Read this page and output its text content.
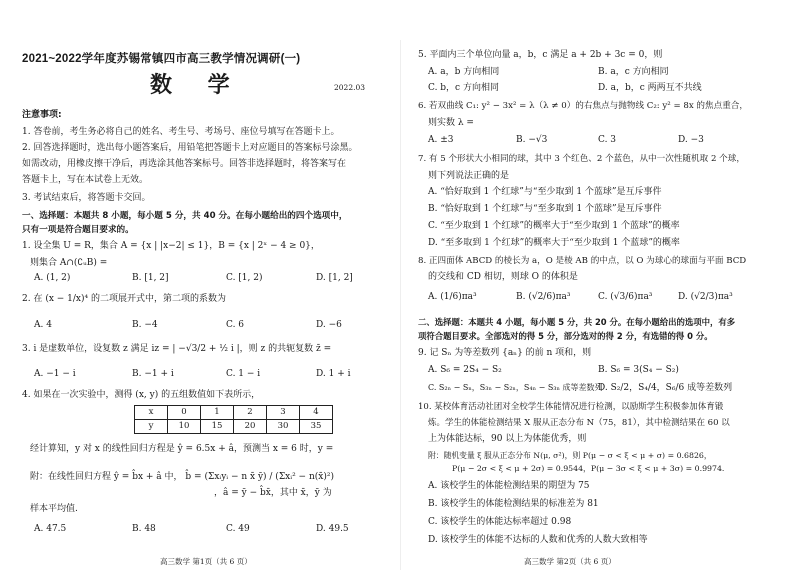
2021~2022学年度苏锡常镇四市高三教学情况调研(一)
数 学	2022.03
注意事项:
1. 答卷前，考生务必将自己的姓名、考生号、考场号、座位号填写在答题卡上。
2. 回答选择题时，选出每小题答案后，用铅笔把答题卡上对应题目的答案标号涂黑。
如需改动，用橡皮擦干净后，再选涂其他答案标号。回答非选择题时，将答案写在
答题卡上，写在本试卷上无效。
3. 考试结束后，将答题卡交回。
一、选择题：本题共 8 小题，每小题 5 分，共 40 分。在每小题给出的四个选项中，
只有一项是符合题目要求的。
1. 设全集 U = R，集合 A = {x | |x−2| ≤ 1}，B = {x | 2ˣ − 4 ≥ 0}，
则集合 A∩(∁ᵤB) =
A. (1, 2)	B. [1, 2]	C. [1, 2)	D. [1, 2]
2. 在 (x − 1/x)⁴ 的二项展开式中，第二项的系数为
A. 4	B. −4	C. 6	D. −6
3. i 是虚数单位，设复数 z 满足 iz = | −√3/2 + ½ i |，则 z 的共轭复数 z̄ =
A. −1 − i	B. −1 + i	C. 1 − i	D. 1 + i
4. 如果在一次实验中，测得 (x, y) 的五组数值如下表所示，
x	0	1	2	3	4
y	10	15	20	30	35
经计算知，y 对 x 的线性回归方程是 ŷ = 6.5x + â，预测当 x = 6 时，y =
附：在线性回归方程 ŷ = b̂x + â 中， b̂ = (Σxᵢyᵢ − n x̄ ȳ) / (Σxᵢ² − n(x̄)²)
，â = ȳ − b̂x̄，其中 x̄，ȳ 为
样本平均值.
A. 47.5	B. 48	C. 49	D. 49.5
高三数学 第1页（共 6 页）
5. 平面内三个单位向量 a，b，c 满足 a + 2b + 3c = 0，则
A. a，b 方向相同	B. a，c 方向相同
C. b，c 方向相同	D. a，b，c 两两互不共线
6. 若双曲线 C₁: y² − 3x² = λ（λ ≠ 0）的右焦点与抛物线 C₂: y² = 8x 的焦点重合，
则实数 λ =
A. ±3	B. −√3	C. 3	D. −3
7. 有 5 个形状大小相同的球，其中 3 个红色、2 个蓝色，从中一次性随机取 2 个球，
则下列说法正确的是
A. “恰好取到 1 个红球”与“至少取到 1 个蓝球”是互斥事件
B. “恰好取到 1 个红球”与“至多取到 1 个蓝球”是互斥事件
C. “至少取到 1 个红球”的概率大于“至少取到 1 个蓝球”的概率
D. “至多取到 1 个红球”的概率大于“至少取到 1 个蓝球”的概率
8. 正四面体 ABCD 的棱长为 a，O 是棱 AB 的中点，以 O 为球心的球面与平面 BCD
的交线和 CD 相切，则球 O 的体积是
A. (1/6)πa³	B. (√2/6)πa³	C. (√3/6)πa³	D. (√2/3)πa³
二、选择题：本题共 4 小题，每小题 5 分，共 20 分。在每小题给出的选项中，有多
项符合题目要求。全部选对的得 5 分，部分选对的得 2 分，有选错的得 0 分。
9. 记 Sₙ 为等差数列 {aₙ} 的前 n 项和，则
A. S₆ = 2S₄ − S₂	B. S₆ = 3(S₄ − S₂)
C. S₂ₙ − Sₙ，S₃ₙ − S₂ₙ，S₄ₙ − S₃ₙ 成等差数列
D. S₂/2，S₄/4，S₆/6 成等差数列
10. 某校体育活动社团对全校学生体能情况进行检测，以励斯学生积极参加体育锻
炼。学生的体能检测结果 X 服从正态分布 N（75，81），其中检测结果在 60 以
上为体能达标，90 以上为体能优秀，则
附：随机变量 ξ 服从正态分布 N(μ, σ²)，则 P(μ − σ < ξ < μ + σ) = 0.6826，
P(μ − 2σ < ξ < μ + 2σ) = 0.9544，P(μ − 3σ < ξ < μ + 3σ) = 0.9974.
A. 该校学生的体能检测结果的期望为 75
B. 该校学生的体能检测结果的标准差为 81
C. 该校学生的体能达标率超过 0.98
D. 该校学生的体能不达标的人数和优秀的人数大致相等
高三数学 第2页（共 6 页）
